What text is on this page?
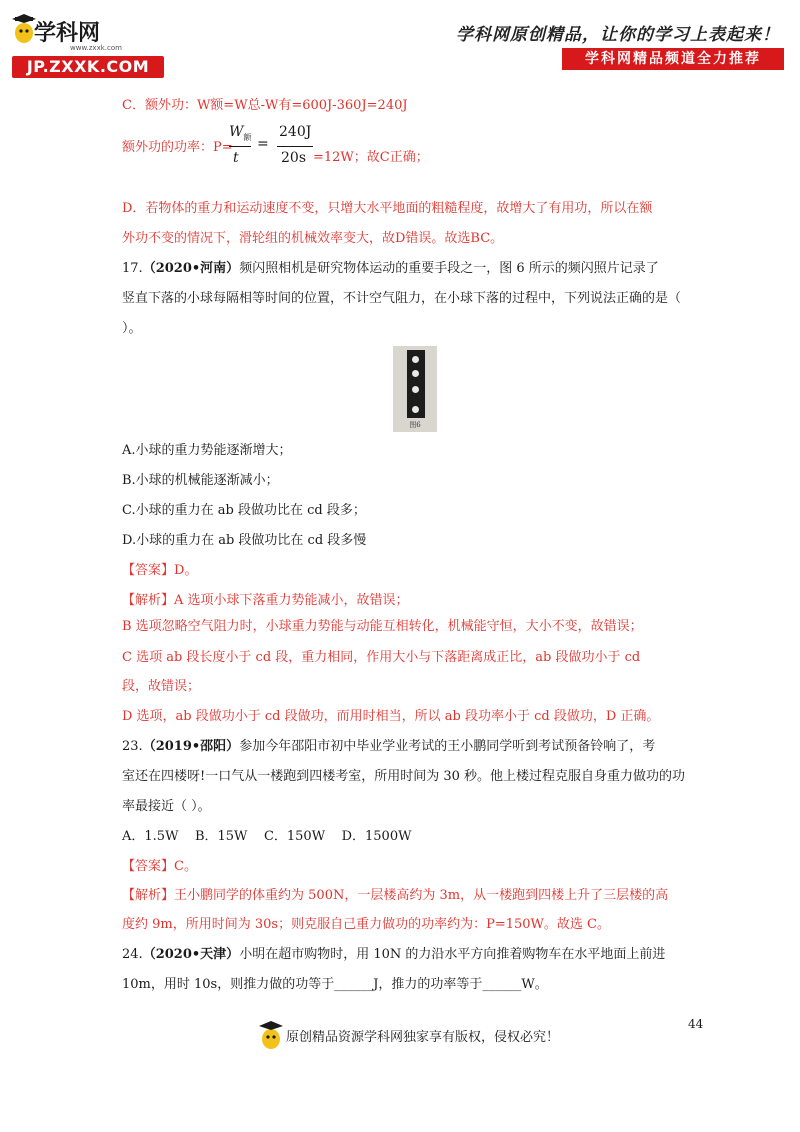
学科网
www.zxxk.com
JP.ZXXK.COM
学科网原创精品，让你的学习上表起来！
学科网精品频道全力推荐
C．额外功：W额=W总-W有=600J-360J=240J
额外功的功率：P=
$W_额$
t
=
240J
20s =12W；故C正确；
D．若物体的重力和运动速度不变，只增大水平地面的粗糙程度，故增大了有用功，所以在额
外功不变的情况下，滑轮组的机械效率变大，故D错误。故选BC。
17.（2020•河南）频闪照相机是研究物体运动的重要手段之一，图 6 所示的频闪照片记录了
竖直下落的小球每隔相等时间的位置，不计空气阻力，在小球下落的过程中，下列说法正确的是（
）。
图6
A.小球的重力势能逐渐增大；
B.小球的机械能逐渐减小；
C.小球的重力在 ab 段做功比在 cd 段多；
D.小球的重力在 ab 段做功比在 cd 段多慢
【答案】D。
【解析】A 选项小球下落重力势能减小，故错误；
B 选项忽略空气阻力时，小球重力势能与动能互相转化，机械能守恒，大小不变，故错误；
C 选项 ab 段长度小于 cd 段，重力相同，作用大小与下落距离成正比，ab 段做功小于 cd
段，故错误；
D 选项，ab 段做功小于 cd 段做功，而用时相当，所以 ab 段功率小于 cd 段做功，D 正确。
23.（2019•邵阳）参加今年邵阳市初中毕业学业考试的王小鹏同学听到考试预备铃响了，考
室还在四楼呀!一口气从一楼跑到四楼考室，所用时间为 30 秒。他上楼过程克服自身重力做功的功
率最接近（ ）。
A．1.5W    B．15W    C．150W    D．1500W
【答案】C。
【解析】王小鹏同学的体重约为 500N，一层楼高约为 3m，从一楼跑到四楼上升了三层楼的高
度约 9m，所用时间为 30s；则克服自己重力做功的功率约为：P=150W。故选 C。
24.（2020•天津）小明在超市购物时，用 10N 的力沿水平方向推着购物车在水平地面上前进
10m，用时 10s，则推力做的功等于______J，推力的功率等于______W。
44
原创精品资源学科网独家享有版权，侵权必究！
